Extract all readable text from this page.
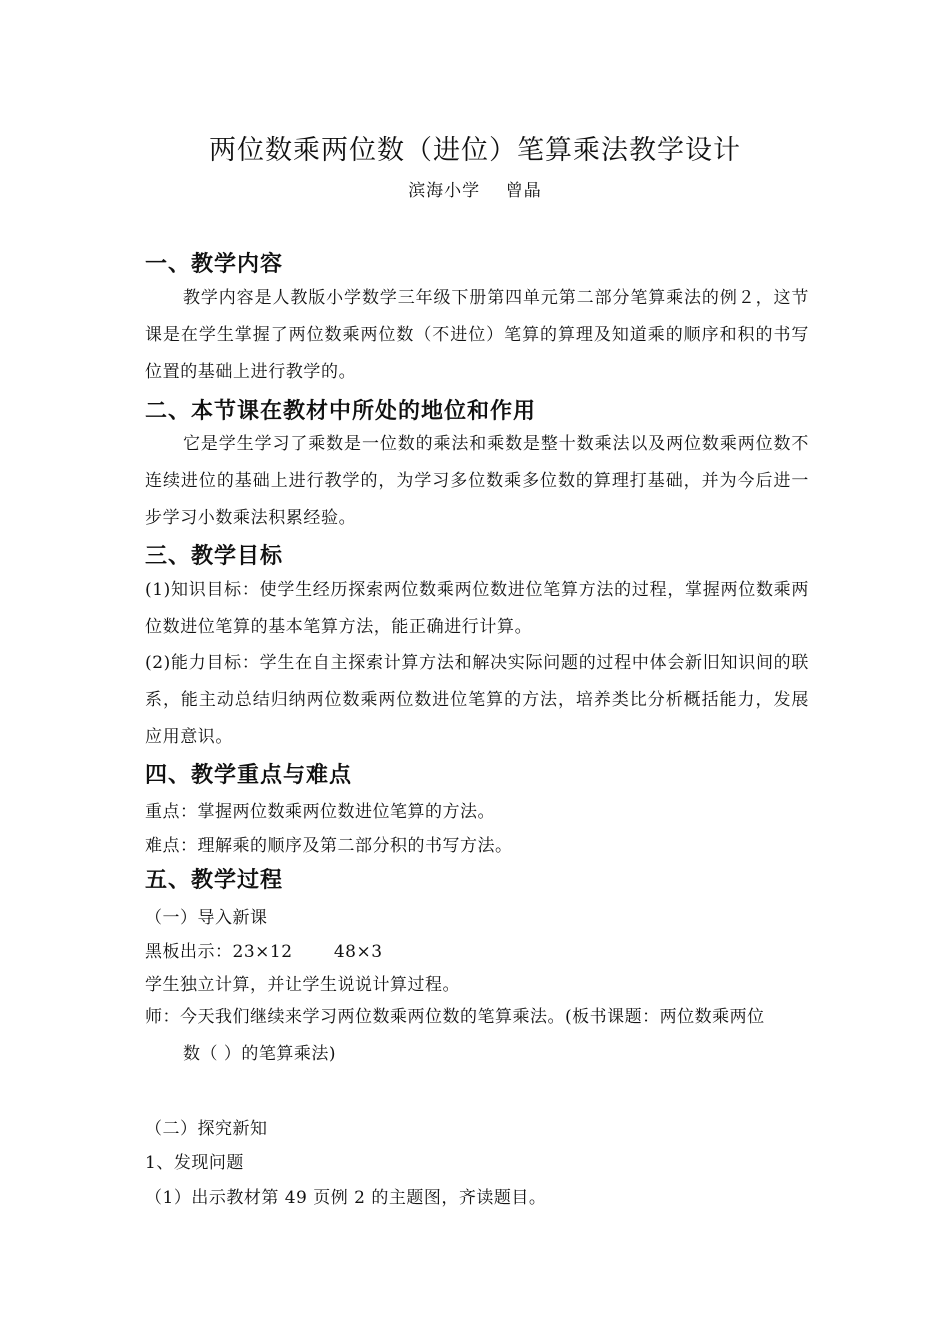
两位数乘两位数（进位）笔算乘法教学设计
滨海小学    曾晶
一、教学内容
教学内容是人教版小学数学三年级下册第四单元第二部分笔算乘法的例２，这节课是在学生掌握了两位数乘两位数（不进位）笔算的算理及知道乘的顺序和积的书写位置的基础上进行教学的。
二、本节课在教材中所处的地位和作用
它是学生学习了乘数是一位数的乘法和乘数是整十数乘法以及两位数乘两位数不连续进位的基础上进行教学的，为学习多位数乘多位数的算理打基础，并为今后进一步学习小数乘法积累经验。
三、教学目标
(1)知识目标：使学生经历探索两位数乘两位数进位笔算方法的过程，掌握两位数乘两位数进位笔算的基本笔算方法，能正确进行计算。
(2)能力目标：学生在自主探索计算方法和解决实际问题的过程中体会新旧知识间的联系，能主动总结归纳两位数乘两位数进位笔算的方法，培养类比分析概括能力，发展应用意识。
四、教学重点与难点
重点：掌握两位数乘两位数进位笔算的方法。
难点：理解乘的顺序及第二部分积的书写方法。
五、教学过程
（一）导入新课
黑板出示：23×12       48×3
学生独立计算，并让学生说说计算过程。
师：今天我们继续来学习两位数乘两位数的笔算乘法。(板书课题：两位数乘两位
数（ ）的笔算乘法)
（二）探究新知
1、发现问题
（1）出示教材第 49 页例 2 的主题图，齐读题目。
